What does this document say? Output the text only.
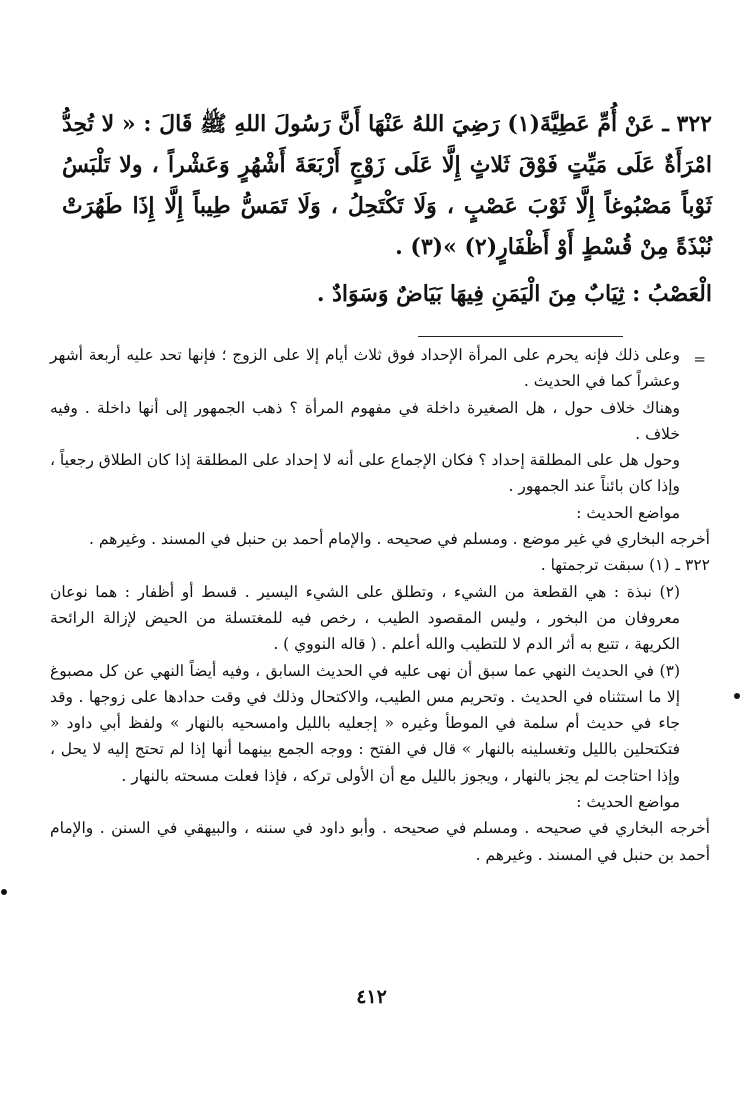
٣٢٢ ـ عَنْ أُمِّ عَطِيَّةَ(١) رَضِيَ اللهُ عَنْهَا أَنَّ رَسُولَ اللهِ ﷺ قَالَ : « لا تُحِدُّ امْرَأَةٌ عَلَى مَيِّتٍ فَوْقَ ثَلاثٍ إِلَّا عَلَى زَوْجٍ أَرْبَعَةَ أَشْهُرٍ وَعَشْراً ، ولا تَلْبَسُ ثَوْباً مَصْبُوغاً إِلَّا ثَوْبَ عَصْبٍ ، وَلَا تَكْتَحِلُ ، وَلَا تَمَسُّ طِيباً إِلَّا إِذَا طَهُرَتْ نُبْذَةً مِنْ قُسْطٍ أَوْ أَظْفَارٍ(٢) »(٣) .

الْعَصْبُ : ثِيَابٌ مِنَ الْيَمَنِ فِيهَا بَيَاضٌ وَسَوَادٌ .

=

وعلى ذلك فإنه يحرم على المرأة الإحداد فوق ثلاث أيام إلا على الزوج ؛ فإنها تحد عليه أربعة أشهر وعشراً كما في الحديث .

وهناك خلاف حول ، هل الصغيرة داخلة في مفهوم المرأة ؟ ذهب الجمهور إلى أنها داخلة . وفيه خلاف .

وحول هل على المطلقة إحداد ؟ فكان الإجماع على أنه لا إحداد على المطلقة إذا كان الطلاق رجعياً ، وإذا كان بائناً عند الجمهور .

مواضع الحديث :

أخرجه البخاري في غير موضع . ومسلم في صحيحه . والإمام أحمد بن حنبل في المسند . وغيرهم .

٣٢٢ ـ(١) سبقت ترجمتها .

(٢) نبذة : هي القطعة من الشيء ، وتطلق على الشيء اليسير . قسط أو أظفار : هما نوعان معروفان من البخور ، وليس المقصود الطيب ، رخص فيه للمغتسلة من الحيض لإزالة الرائحة الكريهة ، تتبع به أثر الدم لا للتطيب والله أعلم . ( قاله النووي ) .

(٣) في الحديث النهي عما سبق أن نهى عليه في الحديث السابق ، وفيه أيضاً النهي عن كل مصبوغ إلا ما استثناه في الحديث . وتحريم مس الطيب، والاكتحال وذلك في وقت حدادها على زوجها . وقد جاء في حديث أم سلمة في الموطأ وغيره « إجعليه بالليل وامسحيه بالنهار » ولفظ أبي داود « فتكتحلين بالليل وتغسلينه بالنهار » قال في الفتح : ووجه الجمع بينهما أنها إذا لم تحتج إليه لا يحل ، وإذا احتاجت لم يجز بالنهار ، ويجوز بالليل مع أن الأولى تركه ، فإذا فعلت مسحته بالنهار .

مواضع الحديث :

أخرجه البخاري في صحيحه . ومسلم في صحيحه . وأبو داود في سننه ، والبيهقي في السنن . والإمام أحمد بن حنبل في المسند . وغيرهم .

٤١٢
